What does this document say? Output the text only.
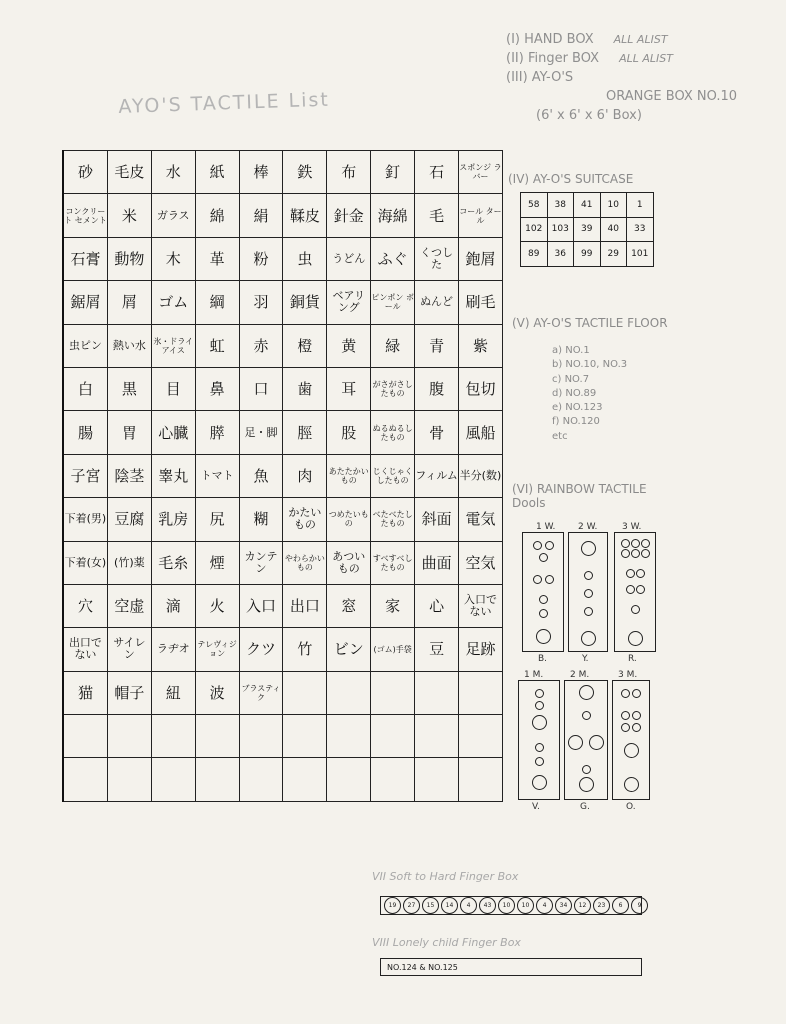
AYO'S TACTILE List
(I) HAND BOX ALL ALIST
(II) Finger BOX ALL ALIST
(III) AY-O'S
ORANGE BOX NO.10
(6' x 6' x 6' Box)
砂	毛皮	水	紙	棒	鉄	布	釘	石	スポンジ ラバー
コンクリート セメント	米	ガラス	綿	絹	鞣皮	針金	海綿	毛	コール タール
石膏	動物	木	革	粉	虫	うどん	ふぐ	くつした	鉋屑
鋸屑	屑	ゴム	綱	羽	銅貨	ベアリング	ピンポン ボール	ぬんど	刷毛
虫ピン	熱い水	氷・ドライアイス	虹	赤	橙	黄	緑	青	紫
白	黒	目	鼻	口	歯	耳	がさがさしたもの	腹	包切
腸	胃	心臓	膵	足・脚	脛	股	ぬるぬるしたもの	骨	風船
子宮	陰茎	睾丸	トマト	魚	肉	あたたかいもの	じくじゃくしたもの	フィルム	半分(数)
下着(男)	豆腐	乳房	尻	糊	かたいもの	つめたいもの	べたべたしたもの	斜面	電気
下着(女)	(竹)薬	毛糸	煙	カンテン	やわらかいもの	あついもの	すべすべしたもの	曲面	空気
穴	空虚	滴	火	入口	出口	窓	家	心	入口でない
出口でない	サイレン	ラヂオ	テレヴィジョン	クツ	竹	ビン	(ゴム)手袋	豆	足跡
猫	帽子	紐	波	ブラスティク					

(IV) AY-O'S SUITCASE
58	38	41	10	1
102	103	39	40	33
89	36	99	29	101
(V) AY-O'S TACTILE FLOOR
a) NO.1
b) NO.10, NO.3
c) NO.7
d) NO.89
e) NO.123
f) NO.120
etc
(VI) RAINBOW TACTILE Dools
1 W.	2 W.	3 W.
B.	Y.	R.
1 M.	2 M.	3 M.
V.	G.	O.
VII Soft to Hard Finger Box
19	27	15	14	4	43	10	10	4	34	12	23	6	9
VIII Lonely child Finger Box
NO.124 & NO.125
